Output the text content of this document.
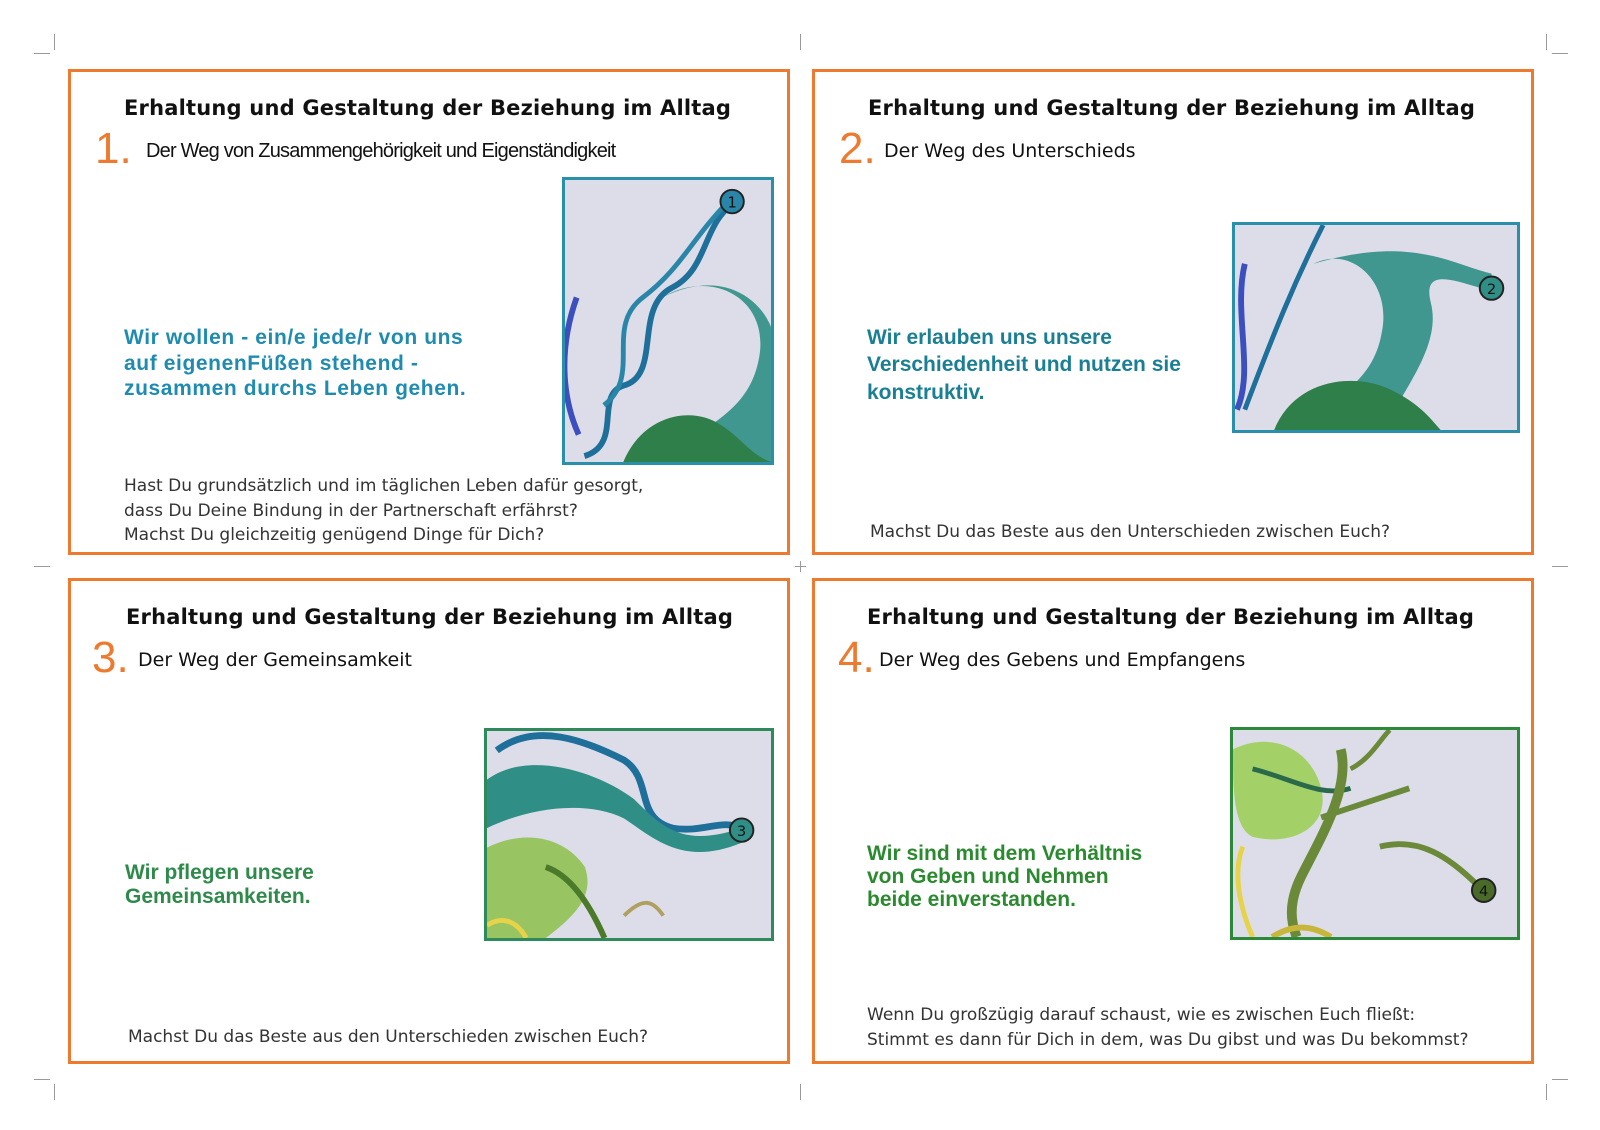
Erhaltung und Gestaltung der Beziehung im Alltag
1. Der Weg von Zusammengehörigkeit und Eigenständigkeit
Wir wollen - ein/e jede/r von uns
auf eigenenFüßen stehend -
zusammen durchs Leben gehen.
Hast Du grundsätzlich und im täglichen Leben dafür gesorgt,
dass Du Deine Bindung in der Partnerschaft erfährst?
Machst Du gleichzeitig genügend Dinge für Dich?
1
Erhaltung und Gestaltung der Beziehung im Alltag
2. Der Weg des Unterschieds
Wir erlauben uns unsere
Verschiedenheit und nutzen sie
konstruktiv.
Machst Du das Beste aus den Unterschieden zwischen Euch?
2
Erhaltung und Gestaltung der Beziehung im Alltag
3. Der Weg der Gemeinsamkeit
Wir pflegen unsere
Gemeinsamkeiten.
Machst Du das Beste aus den Unterschieden zwischen Euch?
3
Erhaltung und Gestaltung der Beziehung im Alltag
4. Der Weg des Gebens und Empfangens
Wir sind mit dem Verhältnis
von Geben und Nehmen
beide einverstanden.
Wenn Du großzügig darauf schaust, wie es zwischen Euch fließt:
Stimmt es dann für Dich in dem, was Du gibst und was Du bekommst?
4
